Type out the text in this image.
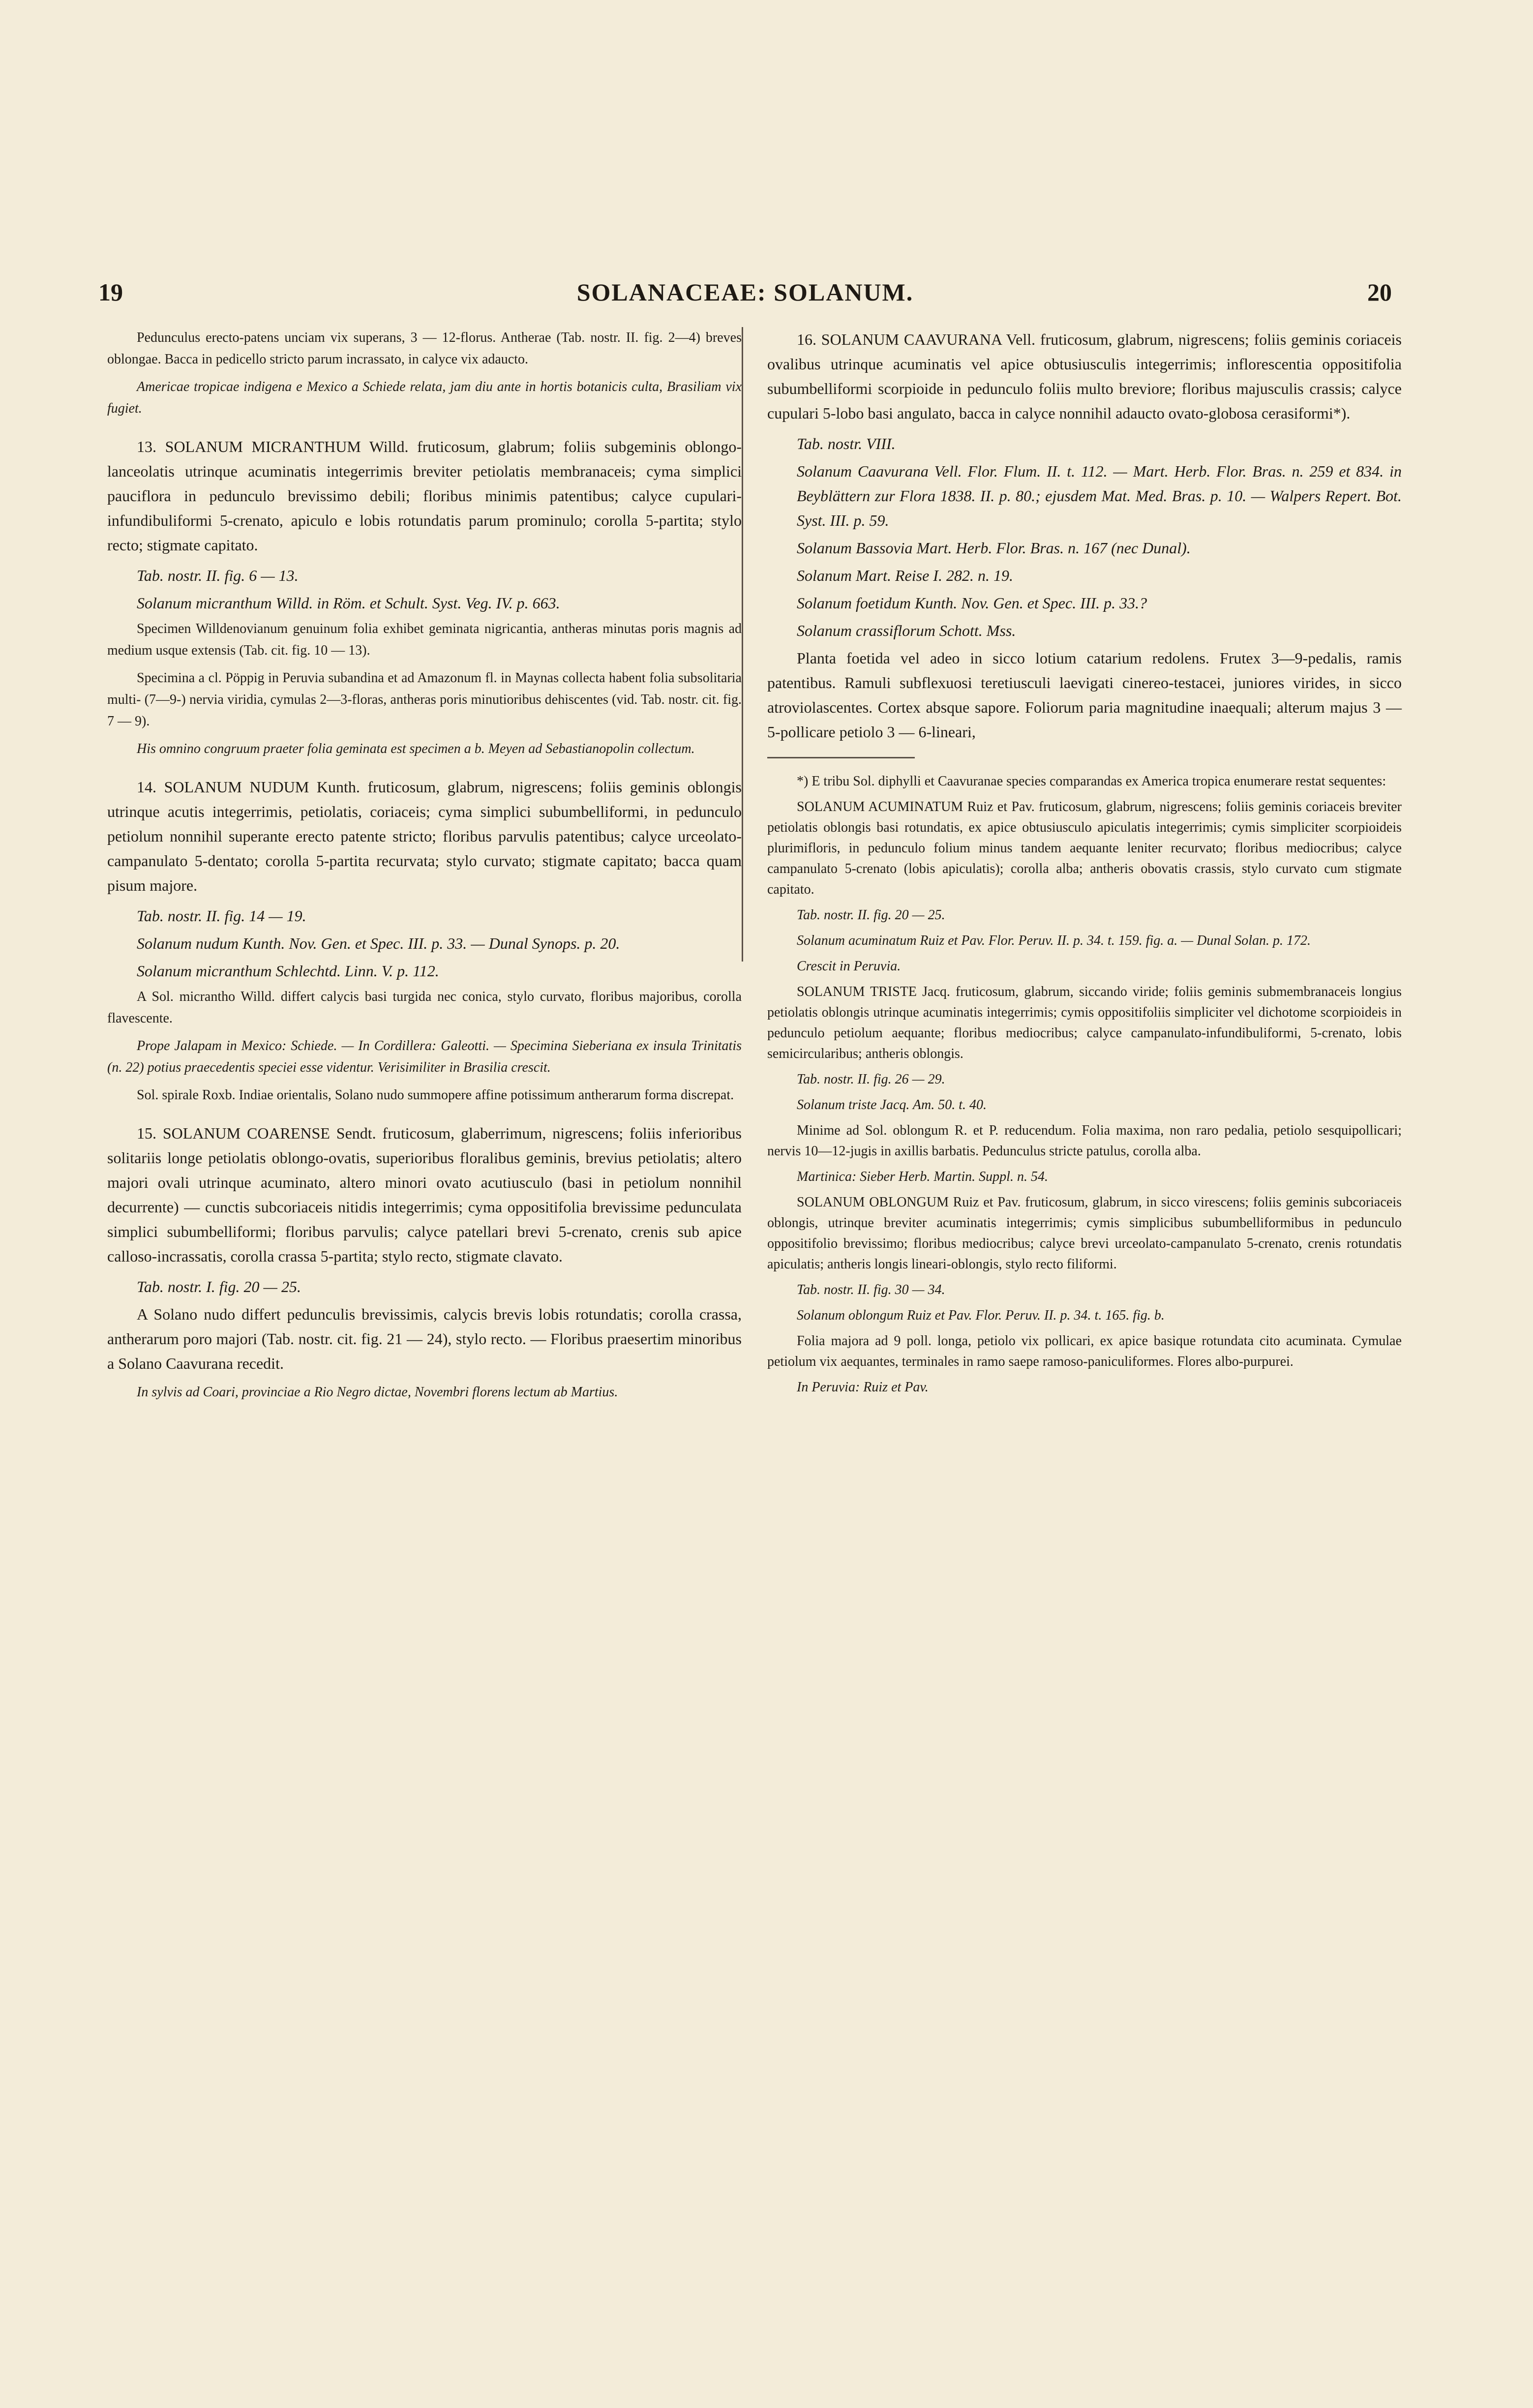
19	SOLANACEAE: SOLANUM.	20

Pedunculus erecto-patens unciam vix superans, 3 — 12-florus. Antherae (Tab. nostr. II. fig. 2—4) breves oblongae. Bacca in pedicello stricto parum incrassato, in calyce vix adaucto.

Americae tropicae indigena e Mexico a Schiede relata, jam diu ante in hortis botanicis culta, Brasiliam vix fugiet.

13. SOLANUM MICRANTHUM Willd. fruticosum, glabrum; foliis subgeminis oblongo-lanceolatis utrinque acuminatis integerrimis breviter petiolatis membranaceis; cyma simplici pauciflora in pedunculo brevissimo debili; floribus minimis patentibus; calyce cupulari-infundibuliformi 5-crenato, apiculo e lobis rotundatis parum prominulo; corolla 5-partita; stylo recto; stigmate capitato.

Tab. nostr. II. fig. 6 — 13.

Solanum micranthum Willd. in Röm. et Schult. Syst. Veg. IV. p. 663.

Specimen Willdenovianum genuinum folia exhibet geminata nigricantia, antheras minutas poris magnis ad medium usque extensis (Tab. cit. fig. 10 — 13).

Specimina a cl. Pöppig in Peruvia subandina et ad Amazonum fl. in Maynas collecta habent folia subsolitaria multi- (7—9-) nervia viridia, cymulas 2—3-floras, antheras poris minutioribus dehiscentes (vid. Tab. nostr. cit. fig. 7 — 9).

His omnino congruum praeter folia geminata est specimen a b. Meyen ad Sebastianopolin collectum.

14. SOLANUM NUDUM Kunth. fruticosum, glabrum, nigrescens; foliis geminis oblongis utrinque acutis integerrimis, petiolatis, coriaceis; cyma simplici subumbelliformi, in pedunculo petiolum nonnihil superante erecto patente stricto; floribus parvulis patentibus; calyce urceolato-campanulato 5-dentato; corolla 5-partita recurvata; stylo curvato; stigmate capitato; bacca quam pisum majore.

Tab. nostr. II. fig. 14 — 19.

Solanum nudum Kunth. Nov. Gen. et Spec. III. p. 33. — Dunal Synops. p. 20.

Solanum micranthum Schlechtd. Linn. V. p. 112.

A Sol. micrantho Willd. differt calycis basi turgida nec conica, stylo curvato, floribus majoribus, corolla flavescente.

Prope Jalapam in Mexico: Schiede. — In Cordillera: Galeotti. — Specimina Sieberiana ex insula Trinitatis (n. 22) potius praecedentis speciei esse videntur. Verisimiliter in Brasilia crescit.

Sol. spirale Roxb. Indiae orientalis, Solano nudo summopere affine potissimum antherarum forma discrepat.

15. SOLANUM COARENSE Sendt. fruticosum, glaberrimum, nigrescens; foliis inferioribus solitariis longe petiolatis oblongo-ovatis, superioribus floralibus geminis, brevius petiolatis; altero majori ovali utrinque acuminato, altero minori ovato acutiusculo (basi in petiolum nonnihil decurrente) — cunctis subcoriaceis nitidis integerrimis; cyma oppositifolia brevissime pedunculata simplici subumbelliformi; floribus parvulis; calyce patellari brevi 5-crenato, crenis sub apice calloso-incrassatis, corolla crassa 5-partita; stylo recto, stigmate clavato.

Tab. nostr. I. fig. 20 — 25.

A Solano nudo differt pedunculis brevissimis, calycis brevis lobis rotundatis; corolla crassa, antherarum poro majori (Tab. nostr. cit. fig. 21 — 24), stylo recto. — Floribus praesertim minoribus a Solano Caavurana recedit.

In sylvis ad Coari, provinciae a Rio Negro dictae, Novembri florens lectum ab Martius.

16. SOLANUM CAAVURANA Vell. fruticosum, glabrum, nigrescens; foliis geminis coriaceis ovalibus utrinque acuminatis vel apice obtusiusculis integerrimis; inflorescentia oppositifolia subumbelliformi scorpioide in pedunculo foliis multo breviore; floribus majusculis crassis; calyce cupulari 5-lobo basi angulato, bacca in calyce nonnihil adaucto ovato-globosa cerasiformi*).

Tab. nostr. VIII.

Solanum Caavurana Vell. Flor. Flum. II. t. 112. — Mart. Herb. Flor. Bras. n. 259 et 834. in Beyblättern zur Flora 1838. II. p. 80.; ejusdem Mat. Med. Bras. p. 10. — Walpers Repert. Bot. Syst. III. p. 59.

Solanum Bassovia Mart. Herb. Flor. Bras. n. 167 (nec Dunal).

Solanum Mart. Reise I. 282. n. 19.

Solanum foetidum Kunth. Nov. Gen. et Spec. III. p. 33.?

Solanum crassiflorum Schott. Mss.

Planta foetida vel adeo in sicco lotium catarium redolens. Frutex 3—9-pedalis, ramis patentibus. Ramuli subflexuosi teretiusculi laevigati cinereo-testacei, juniores virides, in sicco atroviolascentes. Cortex absque sapore. Foliorum paria magnitudine inaequali; alterum majus 3 — 5-pollicare petiolo 3 — 6-lineari,

*) E tribu Sol. diphylli et Caavuranae species comparandas ex America tropica enumerare restat sequentes:

SOLANUM ACUMINATUM Ruiz et Pav. fruticosum, glabrum, nigrescens; foliis geminis coriaceis breviter petiolatis oblongis basi rotundatis, ex apice obtusiusculo apiculatis integerrimis; cymis simpliciter scorpioideis plurimifloris, in pedunculo folium minus tandem aequante leniter recurvato; floribus mediocribus; calyce campanulato 5-crenato (lobis apiculatis); corolla alba; antheris obovatis crassis, stylo curvato cum stigmate capitato.

Tab. nostr. II. fig. 20 — 25.

Solanum acuminatum Ruiz et Pav. Flor. Peruv. II. p. 34. t. 159. fig. a. — Dunal Solan. p. 172.

Crescit in Peruvia.

SOLANUM TRISTE Jacq. fruticosum, glabrum, siccando viride; foliis geminis submembranaceis longius petiolatis oblongis utrinque acuminatis integerrimis; cymis oppositifoliis simpliciter vel dichotome scorpioideis in pedunculo petiolum aequante; floribus mediocribus; calyce campanulato-infundibuliformi, 5-crenato, lobis semicircularibus; antheris oblongis.

Tab. nostr. II. fig. 26 — 29.

Solanum triste Jacq. Am. 50. t. 40.

Minime ad Sol. oblongum R. et P. reducendum. Folia maxima, non raro pedalia, petiolo sesquipollicari; nervis 10—12-jugis in axillis barbatis. Pedunculus stricte patulus, corolla alba.

Martinica: Sieber Herb. Martin. Suppl. n. 54.

SOLANUM OBLONGUM Ruiz et Pav. fruticosum, glabrum, in sicco virescens; foliis geminis subcoriaceis oblongis, utrinque breviter acuminatis integerrimis; cymis simplicibus subumbelliformibus in pedunculo oppositifolio brevissimo; floribus mediocribus; calyce brevi urceolato-campanulato 5-crenato, crenis rotundatis apiculatis; antheris longis lineari-oblongis, stylo recto filiformi.

Tab. nostr. II. fig. 30 — 34.

Solanum oblongum Ruiz et Pav. Flor. Peruv. II. p. 34. t. 165. fig. b.

Folia majora ad 9 poll. longa, petiolo vix pollicari, ex apice basique rotundata cito acuminata. Cymulae petiolum vix aequantes, terminales in ramo saepe ramoso-paniculiformes. Flores albo-purpurei.

In Peruvia: Ruiz et Pav.
